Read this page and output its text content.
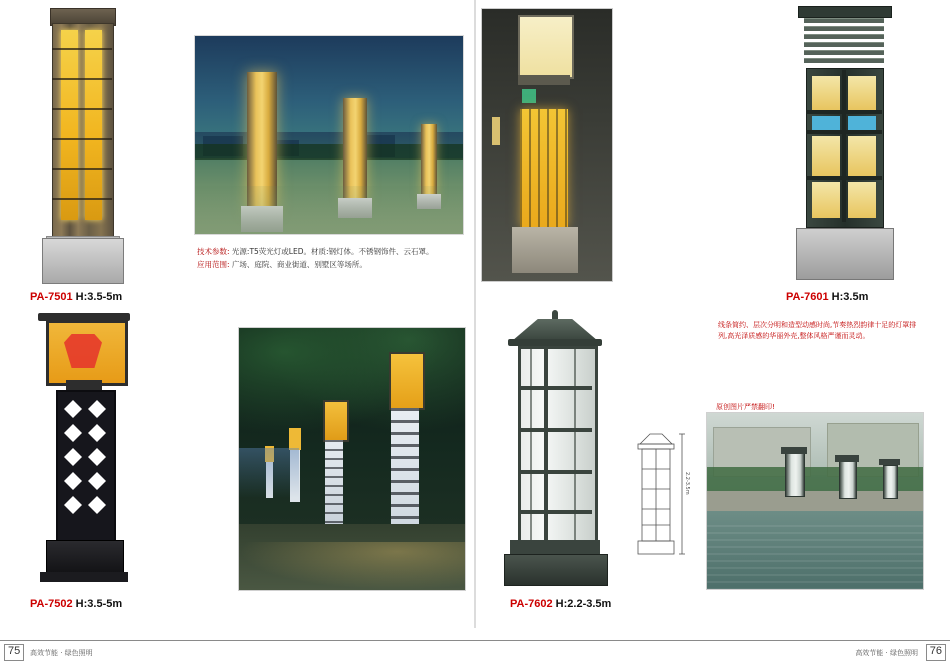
PA-7501 H:3.5-5m
技术参数: 光源:T5荧光灯或LED。材质:钢灯体。不锈钢饰件、云石罩。
应用范围: 广场、庭院、商业街道、别墅区等场所。
PA-7601 H:3.5m
线条简约、层次分明和造型动感时尚,节奏热烈韵律十足的灯罩排列,高光泽质感的华丽外壳,整体风格严谨而灵动。
PA-7502 H:3.5-5m	PA-7602 H:2.2-3.5m
2.2-3.5m
原创图片严禁翻印!
75 高效节能 · 绿色照明	76
高效节能 · 绿色照明
